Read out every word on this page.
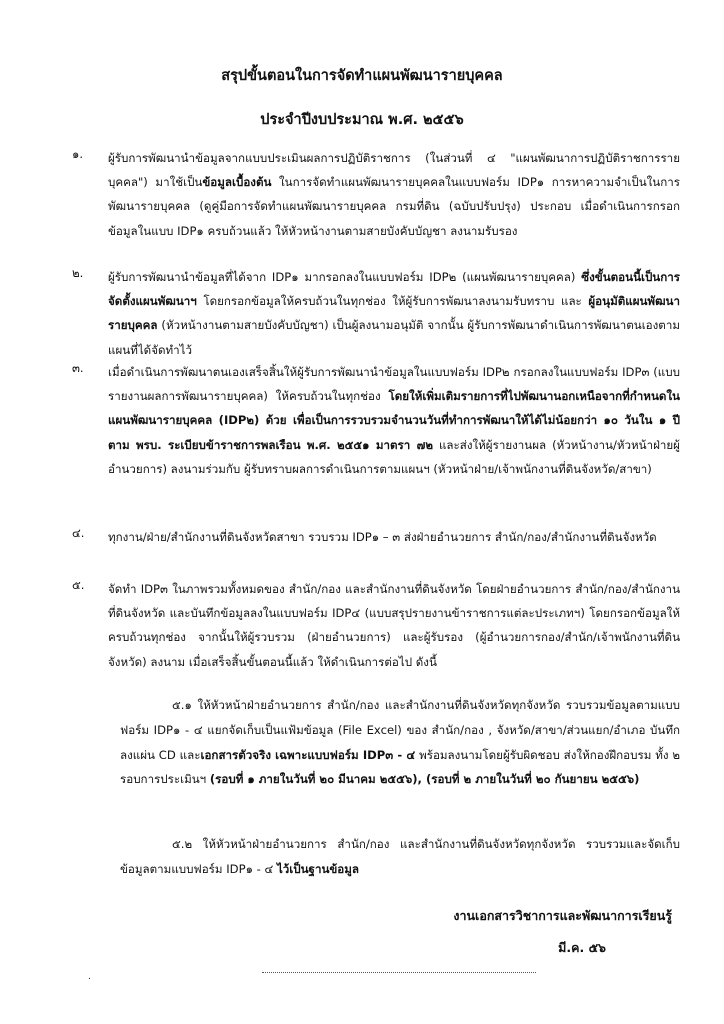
สรุปขั้นตอนในการจัดทำแผนพัฒนารายบุคคล
ประจำปีงบประมาณ พ.ศ. ๒๕๕๖
๑. ผู้รับการพัฒนานำข้อมูลจากแบบประเมินผลการปฏิบัติราชการ (ในส่วนที่ ๔ "แผนพัฒนาการปฏิบัติราชการรายบุคคล") มาใช้เป็นข้อมูลเบื้องต้น ในการจัดทำแผนพัฒนารายบุคคลในแบบฟอร์ม IDP๑ การหาความจำเป็นในการพัฒนารายบุคคล (ดูคู่มือการจัดทำแผนพัฒนารายบุคคล กรมที่ดิน (ฉบับปรับปรุง) ประกอบ เมื่อดำเนินการกรอกข้อมูลในแบบ IDP๑ ครบถ้วนแล้ว ให้หัวหน้างานตามสายบังคับบัญชา ลงนามรับรอง

๒. ผู้รับการพัฒนานำข้อมูลที่ได้จาก IDP๑ มากรอกลงในแบบฟอร์ม IDP๒ (แผนพัฒนารายบุคคล) ซึ่งขั้นตอนนี้เป็นการจัดตั้งแผนพัฒนาฯ โดยกรอกข้อมูลให้ครบถ้วนในทุกช่อง ให้ผู้รับการพัฒนาลงนามรับทราบ และ ผู้อนุมัติแผนพัฒนารายบุคคล (หัวหน้างานตามสายบังคับบัญชา) เป็นผู้ลงนามอนุมัติ จากนั้น ผู้รับการพัฒนาดำเนินการพัฒนาตนเองตามแผนที่ได้จัดทำไว้

๓. เมื่อดำเนินการพัฒนาตนเองเสร็จสิ้นให้ผู้รับการพัฒนานำข้อมูลในแบบฟอร์ม IDP๒ กรอกลงในแบบฟอร์ม IDP๓ (แบบรายงานผลการพัฒนารายบุคคล) ให้ครบถ้วนในทุกช่อง โดยให้เพิ่มเติมรายการที่ไปพัฒนานอกเหนือจากที่กำหนดในแผนพัฒนารายบุคคล (IDP๒) ด้วย เพื่อเป็นการรวบรวมจำนวนวันที่ทำการพัฒนาให้ได้ไม่น้อยกว่า ๑๐ วันใน ๑ ปี ตาม พรบ. ระเบียบข้าราชการพลเรือน พ.ศ. ๒๕๕๑ มาตรา ๗๒ และส่งให้ผู้รายงานผล (หัวหน้างาน/หัวหน้าฝ่ายผู้อำนวยการ) ลงนามร่วมกับ ผู้รับทราบผลการดำเนินการตามแผนฯ (หัวหน้าฝ่าย/เจ้าพนักงานที่ดินจังหวัด/สาขา)

๔. ทุกงาน/ฝ่าย/สำนักงานที่ดินจังหวัดสาขา รวบรวม IDP๑ – ๓ ส่งฝ่ายอำนวยการ สำนัก/กอง/สำนักงานที่ดินจังหวัด

๕. จัดทำ IDP๓ ในภาพรวมทั้งหมดของ สำนัก/กอง และสำนักงานที่ดินจังหวัด โดยฝ่ายอำนวยการ สำนัก/กอง/สำนักงานที่ดินจังหวัด และบันทึกข้อมูลลงในแบบฟอร์ม IDP๔ (แบบสรุปรายงานข้าราชการแต่ละประเภทฯ) โดยกรอกข้อมูลให้ครบถ้วนทุกช่อง จากนั้นให้ผู้รวบรวม (ฝ่ายอำนวยการ) และผู้รับรอง (ผู้อำนวยการกอง/สำนัก/เจ้าพนักงานที่ดินจังหวัด) ลงนาม เมื่อเสร็จสิ้นขั้นตอนนี้แล้ว ให้ดำเนินการต่อไป ดังนี้

๕.๑ ให้หัวหน้าฝ่ายอำนวยการ สำนัก/กอง และสำนักงานที่ดินจังหวัดทุกจังหวัด รวบรวมข้อมูลตามแบบฟอร์ม IDP๑ - ๔ แยกจัดเก็บเป็นแฟ้มข้อมูล (File Excel) ของ สำนัก/กอง , จังหวัด/สาขา/ส่วนแยก/อำเภอ บันทึกลงแผ่น CD และเอกสารตัวจริง เฉพาะแบบฟอร์ม IDP๓ - ๔ พร้อมลงนามโดยผู้รับผิดชอบ ส่งให้กองฝึกอบรม ทั้ง ๒ รอบการประเมินฯ (รอบที่ ๑ ภายในวันที่ ๒๐ มีนาคม ๒๕๕๖), (รอบที่ ๒ ภายในวันที่ ๒๐ กันยายน ๒๕๕๖)

๕.๒ ให้หัวหน้าฝ่ายอำนวยการ สำนัก/กอง และสำนักงานที่ดินจังหวัดทุกจังหวัด รวบรวมและจัดเก็บข้อมูลตามแบบฟอร์ม IDP๑ - ๔ ไว้เป็นฐานข้อมูล

งานเอกสารวิชาการและพัฒนาการเรียนรู้
มี.ค. ๕๖
.
